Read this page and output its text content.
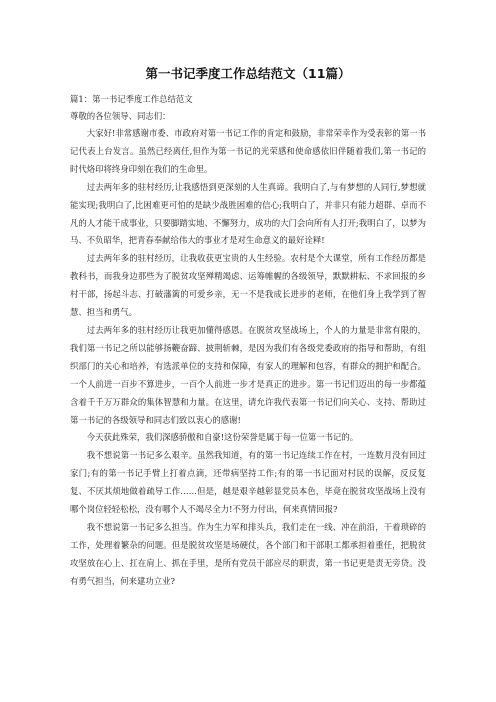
第一书记季度工作总结范文（11篇）

篇1：第一书记季度工作总结范文

尊敬的各位领导、同志们：

大家好!非常感谢市委、市政府对第一书记工作的肯定和鼓励，非常荣幸作为受表彰的第一书记代表上台发言。虽然已经离任,但作为第一书记的光荣感和使命感依旧伴随着我们,第一书记的时代烙印将终身印刻在我们的生命里。

过去两年多的驻村经历,让我感悟到更深刻的人生真谛。我明白了,与有梦想的人同行,梦想就能实现;我明白了,比困难更可怕的是缺少战胜困难的信心;我明白了，并非只有能力超群、卓而不凡的人才能干成事业，只要脚踏实地、不懈努力，成功的大门会向所有人打开;我明白了，以梦为马、不负昭华，把青春奉献给伟大的事业才是对生命意义的最好诠释!

过去两年多的驻村经历，让我收获更宝贵的人生经验。农村是个大课堂，所有工作经历都是教科书，而我身边那些为了脱贫攻坚殚精竭虑、运筹帷幄的各级领导，默默耕耘、不求回报的乡村干部，扬起斗志、打破藩篱的可爱乡亲，无一不是我成长进步的老师，在他们身上我学到了智慧、担当和勇气。

过去两年多的驻村经历让我更加懂得感恩。在脱贫攻坚战场上，个人的力量是非常有限的，我们第一书记之所以能够扬鞭奋蹄、披荆斩棘，是因为我们有各级党委政府的指导和帮助，有组织部门的关心和培养，有选派单位的支持和保障，有家人的理解和包容，有群众的拥护和配合。一个人前进一百步不算进步，一百个人前进一步才是真正的进步。第一书记们迈出的每一步都蕴含着千千万万群众的集体智慧和力量。在这里，请允许我代表第一书记们向关心、支持、帮助过第一书记的各级领导和同志们致以衷心的感谢!

今天获此殊荣，我们深感骄傲和自豪!这份荣誉是属于每一位第一书记的。

我不想说第一书记多么艰辛。虽然我知道，有的第一书记连续工作在村，一连数月没有回过家门;有的第一书记手臂上打着点滴，还带病坚持工作;有的第一书记面对村民的误解，反反复复、不厌其烦地做着疏导工作……但是，越是艰辛越彰显党员本色，毕竟在脱贫攻坚战场上没有哪个岗位轻轻松松，没有哪个人不竭尽全力!不努力付出，何来真情回报?

我不想说第一书记多么担当。作为生力军和排头兵，我们走在一线、冲在前沿，干着琐碎的工作，处理着繁杂的问题。但是脱贫攻坚是场硬仗，各个部门和干部职工都承担着重任，把脱贫攻坚放在心上、扛在肩上、抓在手里，是所有党员干部应尽的职责，第一书记更是责无旁贷。没有勇气担当，何来建功立业?
